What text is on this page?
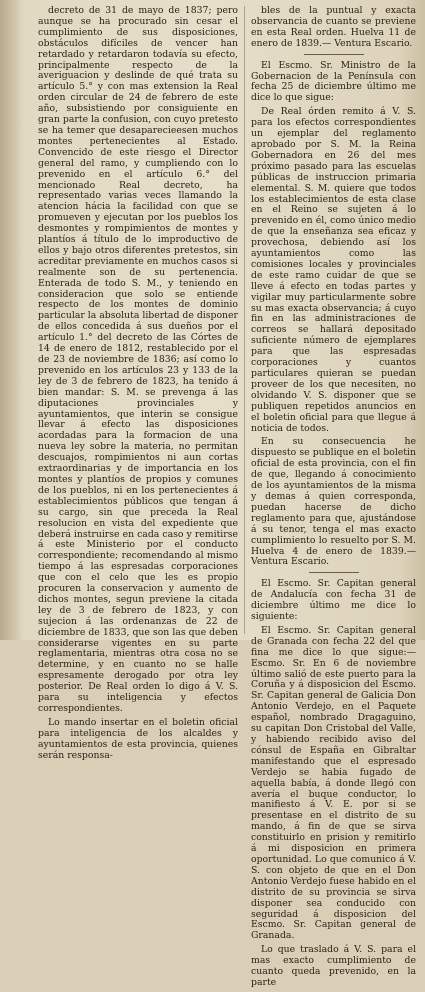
decreto de 31 de mayo de 1837; pero aunque se ha procurado sin cesar el cumplimiento de sus disposiciones, obstáculos difíciles de vencer han retardado y retardaron todavía su efecto, principalmente respecto de la averiguacion y deslinde de qué trata su artículo 5.° y con mas extension la Real orden circular de 24 de febrero de este año, subsistiendo por consiguiente en gran parte la confusion, con cuyo pretesto se ha temer que desaparecieesen muchos montes pertenecientes al Estado. Convencido de este riesgo el Director general del ramo, y cumpliendo con lo prevenido en el artículo 6.° del mencionado Real decreto, ha representado varias veces llamando la atencion hácia la facilidad con que se promueven y ejecutan por los pueblos los desmontes y rompimientos de montes y plantíos á título de lo improductivo de ellos y bajo otros diferentes pretestos, sin acreditar previamente en muchos casos si realmente son de su pertenencia. Enterada de todo S. M., y teniendo en consideracion que solo se entiende respecto de los montes de dominio particular la absoluta libertad de disponer de ellos concedida á sus dueños por el artículo 1.° del decreto de las Córtes de 14 de enero de 1812, restablecido por el de 23 de noviembre de 1836; así como lo prevenido en los artículos 23 y 133 de la ley de 3 de febrero de 1823, ha tenido á bien mandar: S. M. se prevenga á las diputaciones provinciales y ayuntamientos, que interin se consigue llevar á efecto las disposiciones acordadas para la formacion de una nueva ley sobre la materia, no permitan descuajos, rompimientos ni aun cortas extraordinarias y de importancia en los montes y plantíos de propios y comunes de los pueblos, ni en los pertenecientes á establecimientos públicos que tengan á su cargo, sin que preceda la Real resolucion en vista del expediente que deberá instruirse en cada caso y remitirse á este Ministerio por el conducto correspondiente; recomendando al mismo tiempo á las espresadas corporaciones que con el celo que les es propio procuren la conservacion y aumento de dichos montes, segun previene la citada ley de 3 de febrero de 1823, y con sujecion á las ordenanzas de 22 de diciembre de 1833, que son las que deben considerarse vigentes en su parte reglamentaria, mientras otra cosa no se determine, y en cuanto no se halle espresamente derogado por otra ley posterior. De Real orden lo digo á V. S. para su inteligencia y efectos correspondientes.

Lo mando insertar en el boletin oficial para inteligencia de los alcaldes y ayuntamientos de esta provincia, quienes serán responsa-

bles de la puntual y exacta observancia de cuanto se previene en esta Real orden. Huelva 11 de enero de 1839.— Ventura Escario.

El Escmo. Sr. Ministro de la Gobernacion de la Península con fecha 25 de diciembre último me dice lo que sigue:

De Real órden remito á V. S. para los efectos correspondientes un ejemplar del reglamento aprobado por S. M. la Reina Gobernadora en 26 del mes próximo pasado para las escuelas públicas de instruccion primaria elemental. S. M. quiere que todos los establecimientos de esta clase en el Reino se sujeten á lo prevenido en él, como único medio de que la enseñanza sea eficaz y provechosa, debiendo así los ayuntamientos como las comisiones locales y provinciales de este ramo cuidar de que se lleve á efecto en todas partes y vigilar muy particularmente sobre su mas exacta observancia; á cuyo fin en las administraciones de correos se hallará depositado suficiente número de ejemplares para que las espresadas corporaciones y cuantos particulares quieran se puedan proveer de los que necesiten, no olvidando V. S. disponer que se publiquen repetidos anuncios en el boletin oficial para que llegue á noticia de todos.

En su consecuencia he dispuesto se publique en el boletin oficial de esta provincia, con el fin de que, llegando á conocimiento de los ayuntamientos de la misma y demas á quien corresponda, puedan hacerse de dicho reglamento para que, ajustándose á su tenor, tenga el mas exacto cumplimiento lo resuelto por S. M. Huelva 4 de enero de 1839.— Ventura Escario.

El Escmo. Sr. Capitan general de Andalucía con fecha 31 de diciembre último me dice lo siguiente:

El Escmo. Sr. Capitan general de Granada con fecha 22 del que fina me dice lo que sigue:— Escmo. Sr. En 6 de noviembre último salió de este puerto para la Coruña y á disposicion del Escmo. Sr. Capitan general de Galicia Don Antonio Verdejo, en el Paquete español, nombrado Dragaguino, su capitan Don Cristobal del Valle, y habiendo recibido aviso del cónsul de España en Gibraltar manifestando que el espresado Verdejo se habia fugado de aquella babía, á donde llegó con avería el buque conductor, lo manifiesto á V. E. por si se presentase en el distrito de su mando, á fin de que se sirva constituirlo en prision y remitirlo á mi disposicion en primera oportunidad. Lo que comunico á V. S. con objeto de que en el Don Antonio Verdejo fuese habido en el distrito de su provincia se sirva disponer sea conducido con seguridad á disposicion del Escmo. Sr. Capitan general de Granada.

Lo que traslado á V. S. para el mas exacto cumplimiento de cuanto queda prevenido, en la parte
